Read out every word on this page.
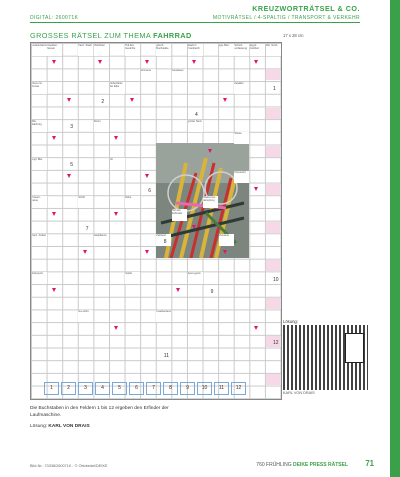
KREUZWORTRÄTSEL & CO.
DIGITAL: 260071K	MOTIVRÄTSEL / 4-SPALTIG / TRANSPORT & VERKEHR
GROSSES RÄTSEL ZUM THEMA FAHRRAD	17 x 28 cm
Insektenlarve Insekten-fresser
franz. Stadt Viehfutter	Teil des Gesichts
griech. Buchstabe
Stadt in Frankreich
ugs. Bier	Schutz-umfassung
ägypt. Gottheit
Abk. Nord-
Fluss zur Donau
Nebenfluss der Elbe
Vorname	Gewässer
Zeitalter
Abk. Salzburg
Strom	großer Stern
Wüste
engl. Bier	Ort
Körperteil
Frauen-name
Schilf	Rebe
Teil des Fahrrads
Wasserver-dampfung
franz. Artikel	Heilpflanze	Zahlwort	Vorname
Rad-sport	Gipfel	Sport-gerät
Ge-schirr	Insektenlarve
1
2
3
4
5
6
7
8
9
10
11
12
1	2	3	4	5	6	7	8	9	10	11	12
Lösung:
KARL VON DRAIS
Die Buchstaben in den Feldern 1 bis 12 ergeben den Erfinder der Laufmaschine.
Lösung: KARL VON DRAIS
Bild-Nr.: 70338/260071K - © Ottobedel/DEIKE	760 FRÜHLING DEIKE PRESS RÄTSEL 71
